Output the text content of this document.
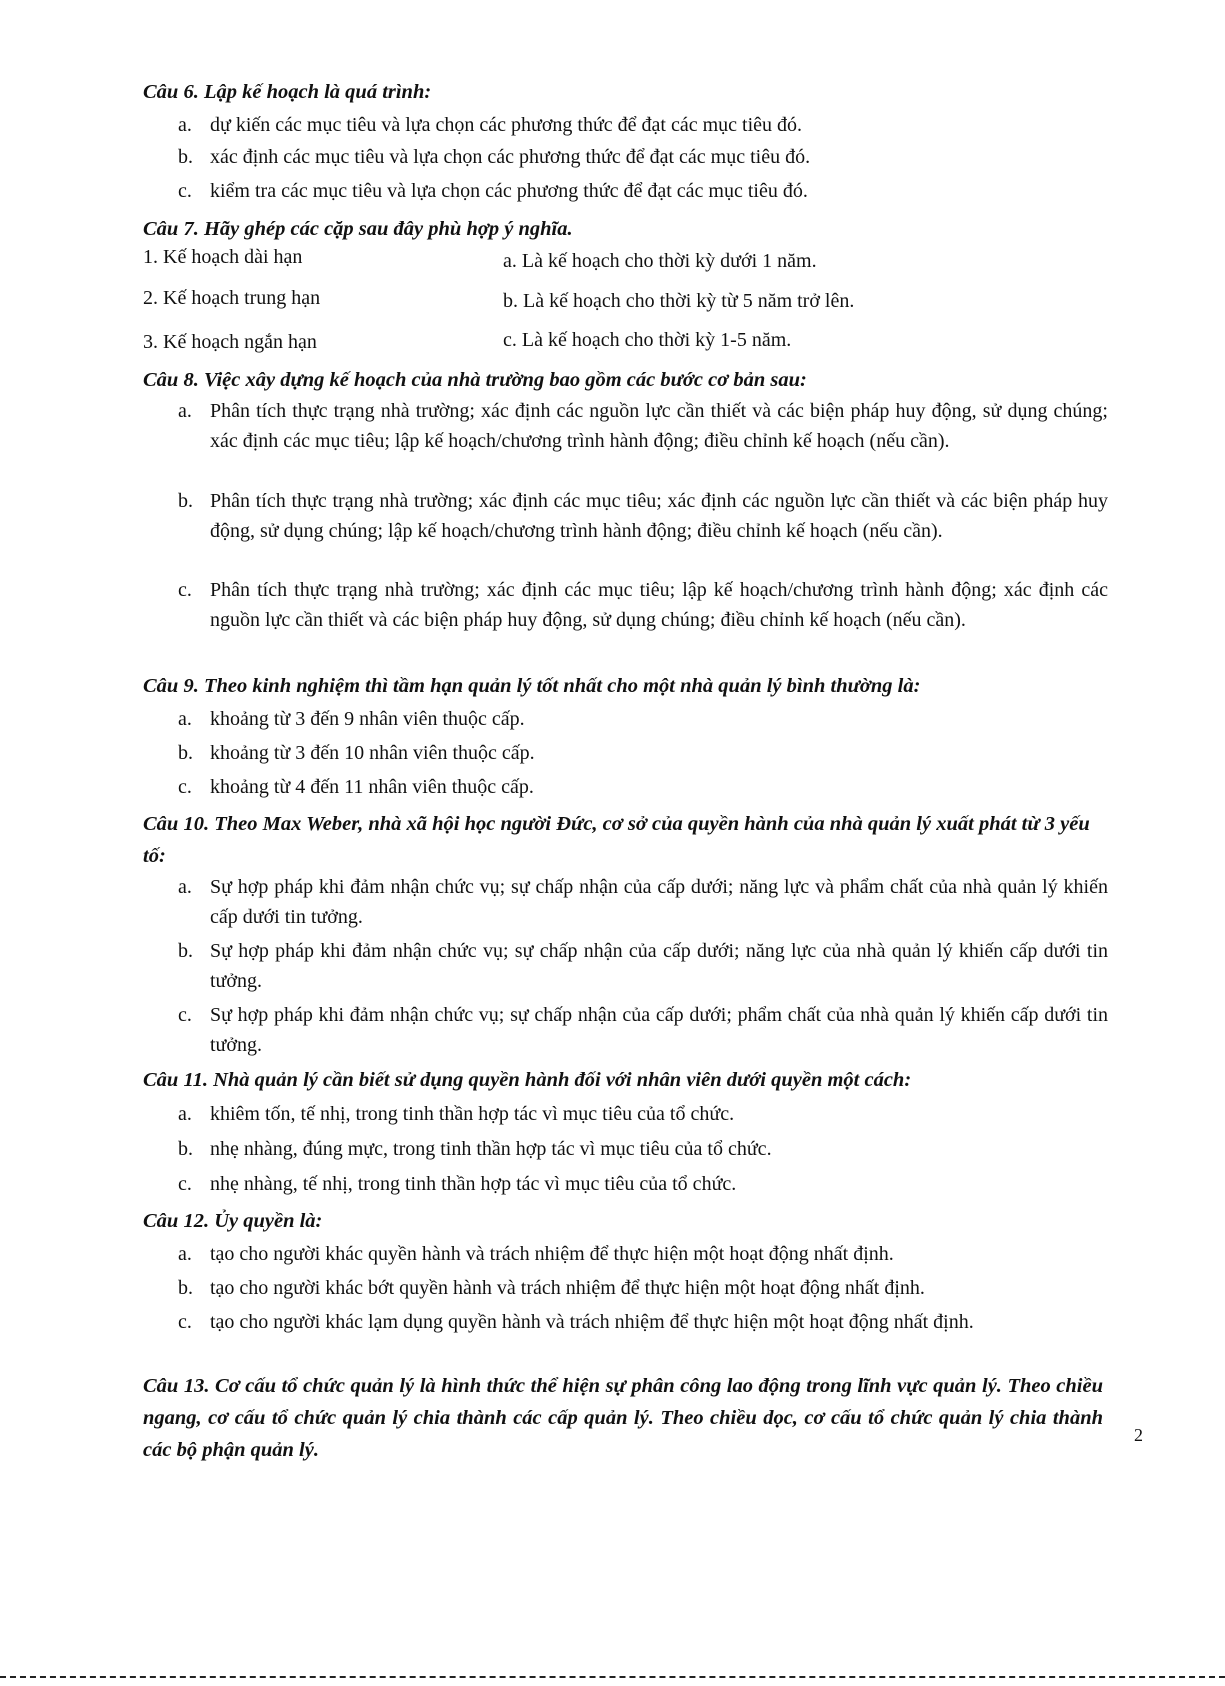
Câu 6. Lập kế hoạch là quá trình:
a. dự kiến các mục tiêu và lựa chọn các phương thức để đạt các mục tiêu đó.
b. xác định các mục tiêu và lựa chọn các phương thức để đạt các mục tiêu đó.
c. kiểm tra các mục tiêu và lựa chọn các phương thức để đạt các mục tiêu đó.
Câu 7. Hãy ghép các cặp sau đây phù hợp ý nghĩa.
1. Kế hoạch dài hạn
2. Kế hoạch trung hạn
3. Kế hoạch ngắn hạn
a. Là kế hoạch cho thời kỳ dưới 1 năm.
b. Là kế hoạch cho thời kỳ từ 5 năm trở lên.
c. Là kế hoạch cho thời kỳ 1-5 năm.
Câu 8. Việc xây dựng kế hoạch của nhà trường bao gồm các bước cơ bản sau:
a. Phân tích thực trạng nhà trường; xác định các nguồn lực cần thiết và các biện pháp huy động, sử dụng chúng; xác định các mục tiêu; lập kế hoạch/chương trình hành động; điều chỉnh kế hoạch (nếu cần).
b. Phân tích thực trạng nhà trường; xác định các mục tiêu; xác định các nguồn lực cần thiết và các biện pháp huy động, sử dụng chúng; lập kế hoạch/chương trình hành động; điều chỉnh kế hoạch (nếu cần).
c. Phân tích thực trạng nhà trường; xác định các mục tiêu; lập kế hoạch/chương trình hành động; xác định các nguồn lực cần thiết và các biện pháp huy động, sử dụng chúng; điều chỉnh kế hoạch (nếu cần).
Câu 9. Theo kinh nghiệm thì tầm hạn quản lý tốt nhất cho một nhà quản lý bình thường là:
a. khoảng từ 3 đến 9 nhân viên thuộc cấp.
b. khoảng từ 3 đến 10 nhân viên thuộc cấp.
c. khoảng từ 4 đến 11 nhân viên thuộc cấp.
Câu 10. Theo Max Weber, nhà xã hội học người Đức, cơ sở của quyền hành của nhà quản lý xuất phát từ 3 yếu tố:
a. Sự hợp pháp khi đảm nhận chức vụ; sự chấp nhận của cấp dưới; năng lực và phẩm chất của nhà quản lý khiến cấp dưới tin tưởng.
b. Sự hợp pháp khi đảm nhận chức vụ; sự chấp nhận của cấp dưới; năng lực của nhà quản lý khiến cấp dưới tin tưởng.
c. Sự hợp pháp khi đảm nhận chức vụ; sự chấp nhận của cấp dưới; phẩm chất của nhà quản lý khiến cấp dưới tin tưởng.
Câu 11. Nhà quản lý cần biết sử dụng quyền hành đối với nhân viên dưới quyền một cách:
a. khiêm tốn, tế nhị, trong tinh thần hợp tác vì mục tiêu của tổ chức.
b. nhẹ nhàng, đúng mực, trong tinh thần hợp tác vì mục tiêu của tổ chức.
c. nhẹ nhàng, tế nhị, trong tinh thần hợp tác vì mục tiêu của tổ chức.
Câu 12. Ủy quyền là:
a. tạo cho người khác quyền hành và trách nhiệm để thực hiện một hoạt động nhất định.
b. tạo cho người khác bớt quyền hành và trách nhiệm để thực hiện một hoạt động nhất định.
c. tạo cho người khác lạm dụng quyền hành và trách nhiệm để thực hiện một hoạt động nhất định.
Câu 13. Cơ cấu tổ chức quản lý là hình thức thể hiện sự phân công lao động trong lĩnh vực quản lý. Theo chiều ngang, cơ cấu tổ chức quản lý chia thành các cấp quản lý. Theo chiều dọc, cơ cấu tổ chức quản lý chia thành các bộ phận quản lý.
2
